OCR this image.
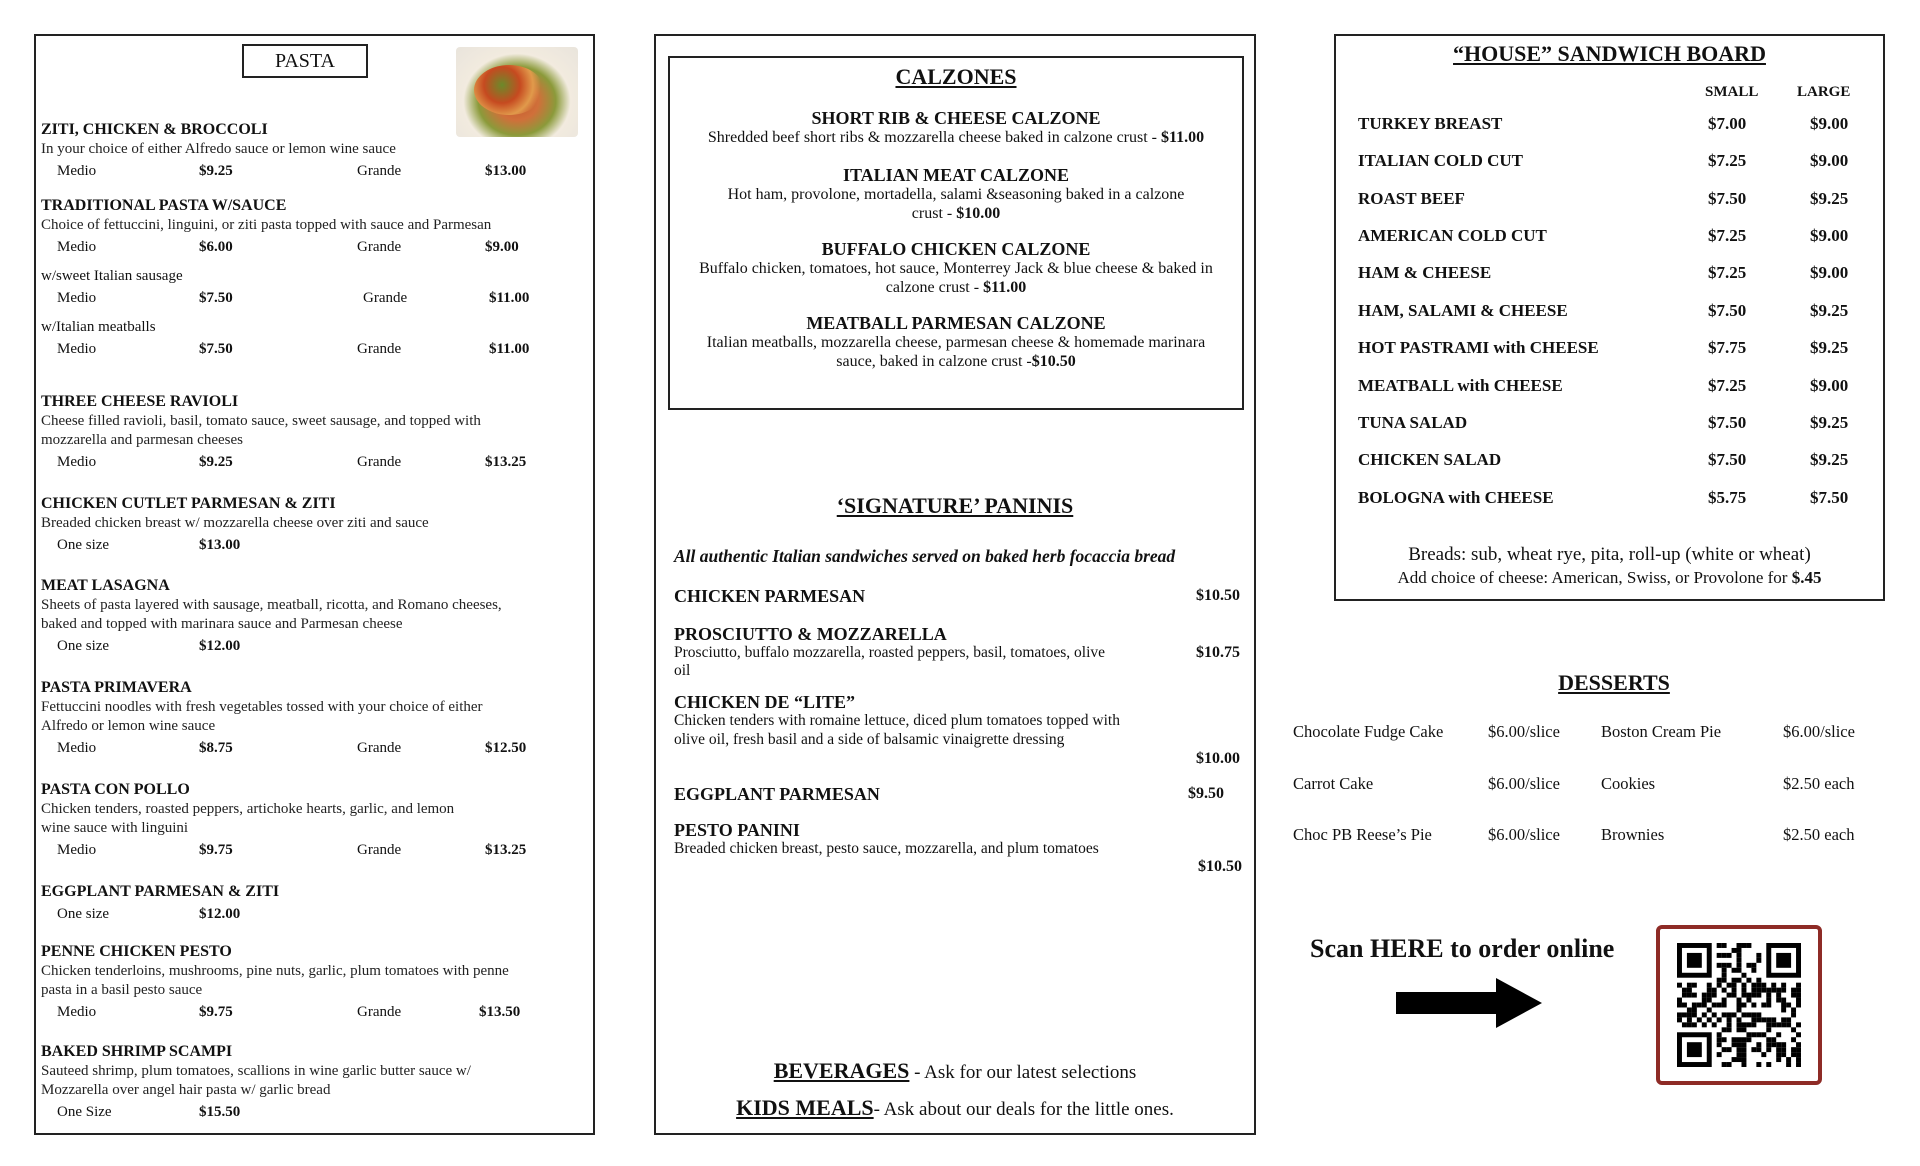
PASTA
ZITI, CHICKEN & BROCCOLI
In your choice of either Alfredo sauce or lemon wine sauce
Medio	$9.25	Grande	$13.00
TRADITIONAL PASTA W/SAUCE
Choice of fettuccini, linguini, or ziti pasta topped with sauce and Parmesan
Medio	$6.00	Grande	$9.00
w/sweet Italian sausage
Medio	$7.50	Grande	$11.00
w/Italian meatballs
Medio	$7.50	Grande	$11.00
THREE CHEESE RAVIOLI
Cheese filled ravioli, basil, tomato sauce, sweet sausage, and topped with mozzarella and parmesan cheeses
Medio	$9.25	Grande	$13.25
CHICKEN CUTLET PARMESAN & ZITI
Breaded chicken breast w/ mozzarella cheese over ziti and sauce
One size	$13.00
MEAT LASAGNA
Sheets of pasta layered with sausage, meatball, ricotta, and Romano cheeses, baked and topped with marinara sauce and Parmesan cheese
One size	$12.00
PASTA PRIMAVERA
Fettuccini noodles with fresh vegetables tossed with your choice of either Alfredo or lemon wine sauce
Medio	$8.75	Grande	$12.50
PASTA CON POLLO
Chicken tenders, roasted peppers, artichoke hearts, garlic, and lemon wine sauce with linguini
Medio	$9.75	Grande	$13.25
EGGPLANT PARMESAN & ZITI
One size	$12.00
PENNE CHICKEN PESTO
Chicken tenderloins, mushrooms, pine nuts, garlic, plum tomatoes with penne pasta in a basil pesto sauce
Medio	$9.75	Grande	$13.50
BAKED SHRIMP SCAMPI
Sauteed shrimp, plum tomatoes, scallions in wine garlic butter sauce w/ Mozzarella over angel hair pasta w/ garlic bread
One Size	$15.50
CALZONES
SHORT RIB & CHEESE CALZONE
Shredded beef short ribs & mozzarella cheese baked in calzone crust - $11.00
ITALIAN MEAT CALZONE
Hot ham, provolone, mortadella, salami &seasoning baked in a calzone crust - $10.00
BUFFALO CHICKEN CALZONE
Buffalo chicken, tomatoes, hot sauce, Monterrey Jack & blue cheese & baked in calzone crust - $11.00
MEATBALL PARMESAN CALZONE
Italian meatballs, mozzarella cheese, parmesan cheese & homemade marinara sauce, baked in calzone crust -$10.50
‘SIGNATURE’ PANINIS
All authentic Italian sandwiches served on baked herb focaccia bread
CHICKEN PARMESAN	$10.50
PROSCIUTTO & MOZZARELLA
Prosciutto, buffalo mozzarella, roasted peppers, basil, tomatoes, olive oil
$10.75
CHICKEN DE “LITE”
Chicken tenders with romaine lettuce, diced plum tomatoes topped with olive oil, fresh basil and a side of balsamic vinaigrette dressing
$10.00
EGGPLANT PARMESAN	$9.50
PESTO PANINI
Breaded chicken breast, pesto sauce, mozzarella, and plum tomatoes
$10.50
BEVERAGES - Ask for our latest selections
KIDS MEALS- Ask about our deals for the little ones.
“HOUSE” SANDWICH BOARD
SMALL	LARGE
TURKEY BREAST	$7.00	$9.00
ITALIAN COLD CUT	$7.25	$9.00
ROAST BEEF	$7.50	$9.25
AMERICAN COLD CUT	$7.25	$9.00
HAM & CHEESE	$7.25	$9.00
HAM, SALAMI & CHEESE	$7.50	$9.25
HOT PASTRAMI with CHEESE	$7.75	$9.25
MEATBALL with CHEESE	$7.25	$9.00
TUNA SALAD	$7.50	$9.25
CHICKEN SALAD	$7.50	$9.25
BOLOGNA with CHEESE	$5.75	$7.50
Breads: sub, wheat rye, pita, roll-up (white or wheat)
Add choice of cheese: American, Swiss, or Provolone for $.45
DESSERTS
Chocolate Fudge Cake	$6.00/slice Boston Cream Pie	$6.00/slice
Carrot Cake	$6.00/slice Cookies	$2.50 each
Choc PB Reese’s Pie	$6.00/slice Brownies	$2.50 each
Scan HERE to order online
